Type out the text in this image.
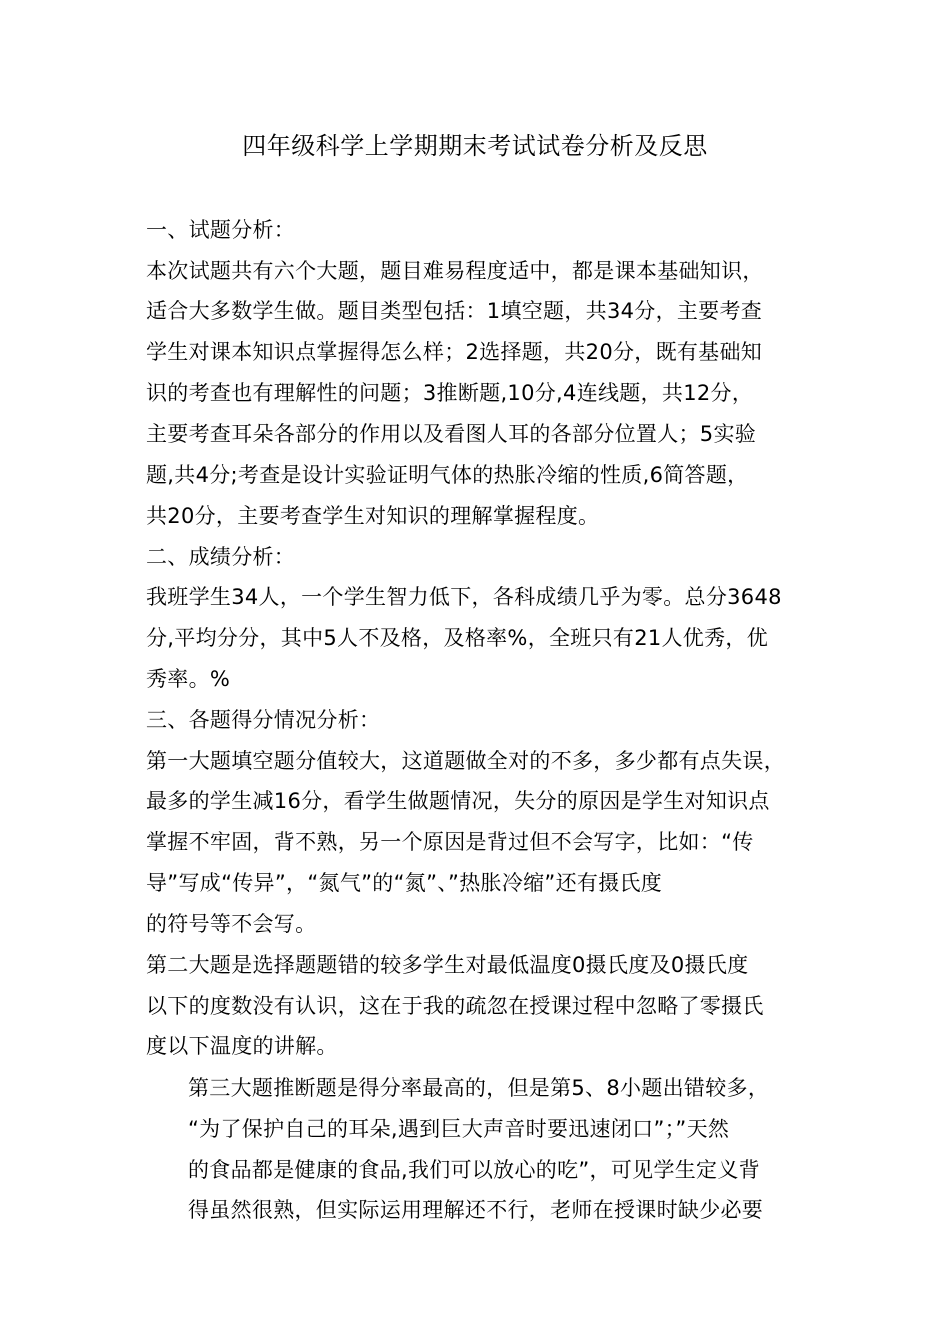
四年级科学上学期期末考试试卷分析及反思
一、试题分析：
本次试题共有六个大题，题目难易程度适中，都是课本基础知识，
适合大多数学生做。题目类型包括：1填空题，共34分，主要考查
学生对课本知识点掌握得怎么样；2选择题，共20分，既有基础知
识的考查也有理解性的问题；3推断题,10分,4连线题，共12分，
主要考查耳朵各部分的作用以及看图人耳的各部分位置人；5实验
题,共4分;考查是设计实验证明气体的热胀冷缩的性质,6简答题，
共20分，主要考查学生对知识的理解掌握程度。
二、成绩分析：
我班学生34人，一个学生智力低下，各科成绩几乎为零。总分3648
分,平均分分，其中5人不及格，及格率%，全班只有21人优秀，优
秀率。%
三、各题得分情况分析：
第一大题填空题分值较大，这道题做全对的不多，多少都有点失误，
最多的学生减16分，看学生做题情况，失分的原因是学生对知识点
掌握不牢固，背不熟，另一个原因是背过但不会写字，比如：“传
导”写成“传异”，“氮气”的“氮”、”热胀冷缩”还有摄氏度
的符号等不会写。
第二大题是选择题题错的较多学生对最低温度0摄氏度及0摄氏度
以下的度数没有认识，这在于我的疏忽在授课过程中忽略了零摄氏
度以下温度的讲解。
第三大题推断题是得分率最高的，但是第5、8小题出错较多，
“为了保护自己的耳朵,遇到巨大声音时要迅速闭口”；”天然
的食品都是健康的食品,我们可以放心的吃”，可见学生定义背
得虽然很熟，但实际运用理解还不行，老师在授课时缺少必要
